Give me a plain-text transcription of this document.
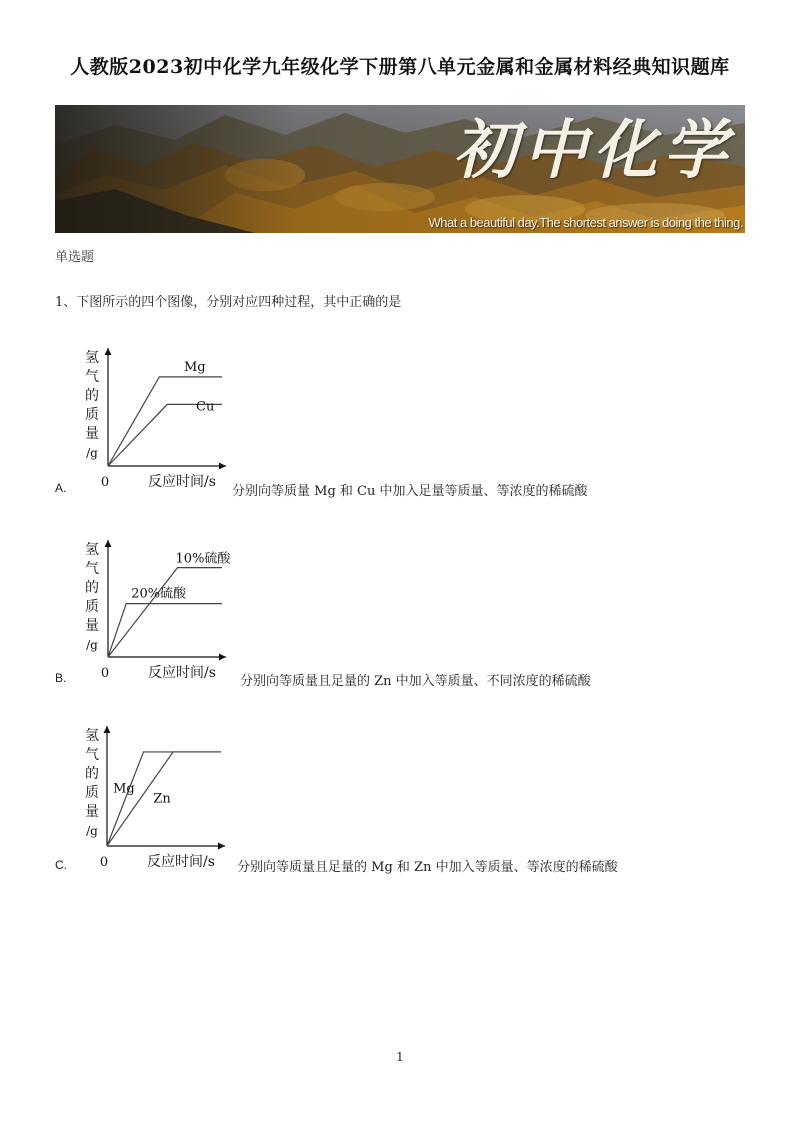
人教版2023初中化学九年级化学下册第八单元金属和金属材料经典知识题库
初中化学
What a beautiful day.The shortest answer is doing the thing.
单选题
1、下图所示的四个图像，分别对应四种过程，其中正确的是
氢
气
的
质
量
/g
0	反应时间/s
Mg
Cu
A.	分别向等质量 Mg 和 Cu 中加入足量等质量、等浓度的稀硫酸
氢
气
的
质
量
/g
0	反应时间/s
10%硫酸
20%硫酸
B.	分别向等质量且足量的 Zn 中加入等质量、不同浓度的稀硫酸
氢
气
的
质
量
/g
0	反应时间/s
Mg
Zn
C.	分别向等质量且足量的 Mg 和 Zn 中加入等质量、等浓度的稀硫酸
1
